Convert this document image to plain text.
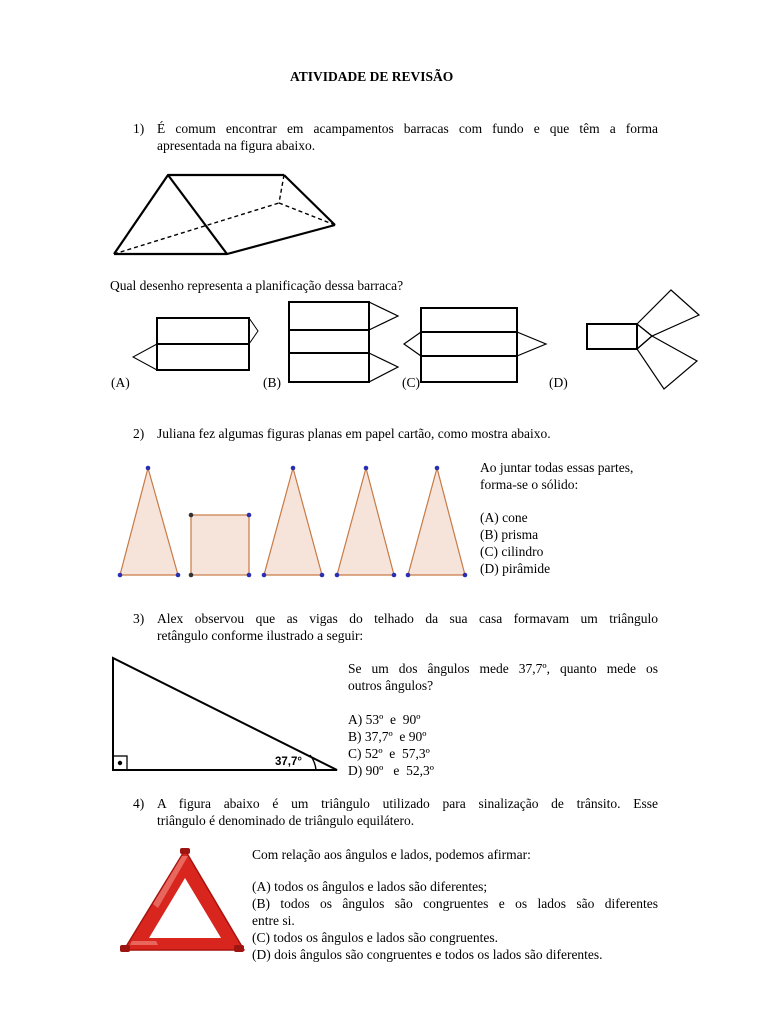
ATIVIDADE DE REVISÃO
1) É comum encontrar em acampamentos barracas com fundo e que têm a forma
apresentada na figura abaixo.
Qual desenho representa a planificação dessa barraca?
(A)	(B)	(C)	(D)
2) Juliana fez algumas figuras planas em papel cartão, como mostra abaixo.
Ao juntar todas essas partes,
forma-se o sólido:
(A) cone
(B) prisma
(C) cilindro
(D) pirâmide
3) Alex observou que as vigas do telhado da sua casa formavam um triângulo
retângulo conforme ilustrado a seguir:
37,7°
Se um dos ângulos mede 37,7º, quanto mede os
outros ângulos?
A) 53º  e  90º
B) 37,7º  e 90º
C) 52º  e  57,3º
D) 90º   e  52,3º
4) A figura abaixo é um triângulo utilizado para sinalização de trânsito. Esse
triângulo é denominado de triângulo equilátero.
Com relação aos ângulos e lados, podemos afirmar:
(A) todos os ângulos e lados são diferentes;
(B) todos os ângulos são congruentes e os lados são diferentes
entre si.
(C) todos os ângulos e lados são congruentes.
(D) dois ângulos são congruentes e todos os lados são diferentes.
